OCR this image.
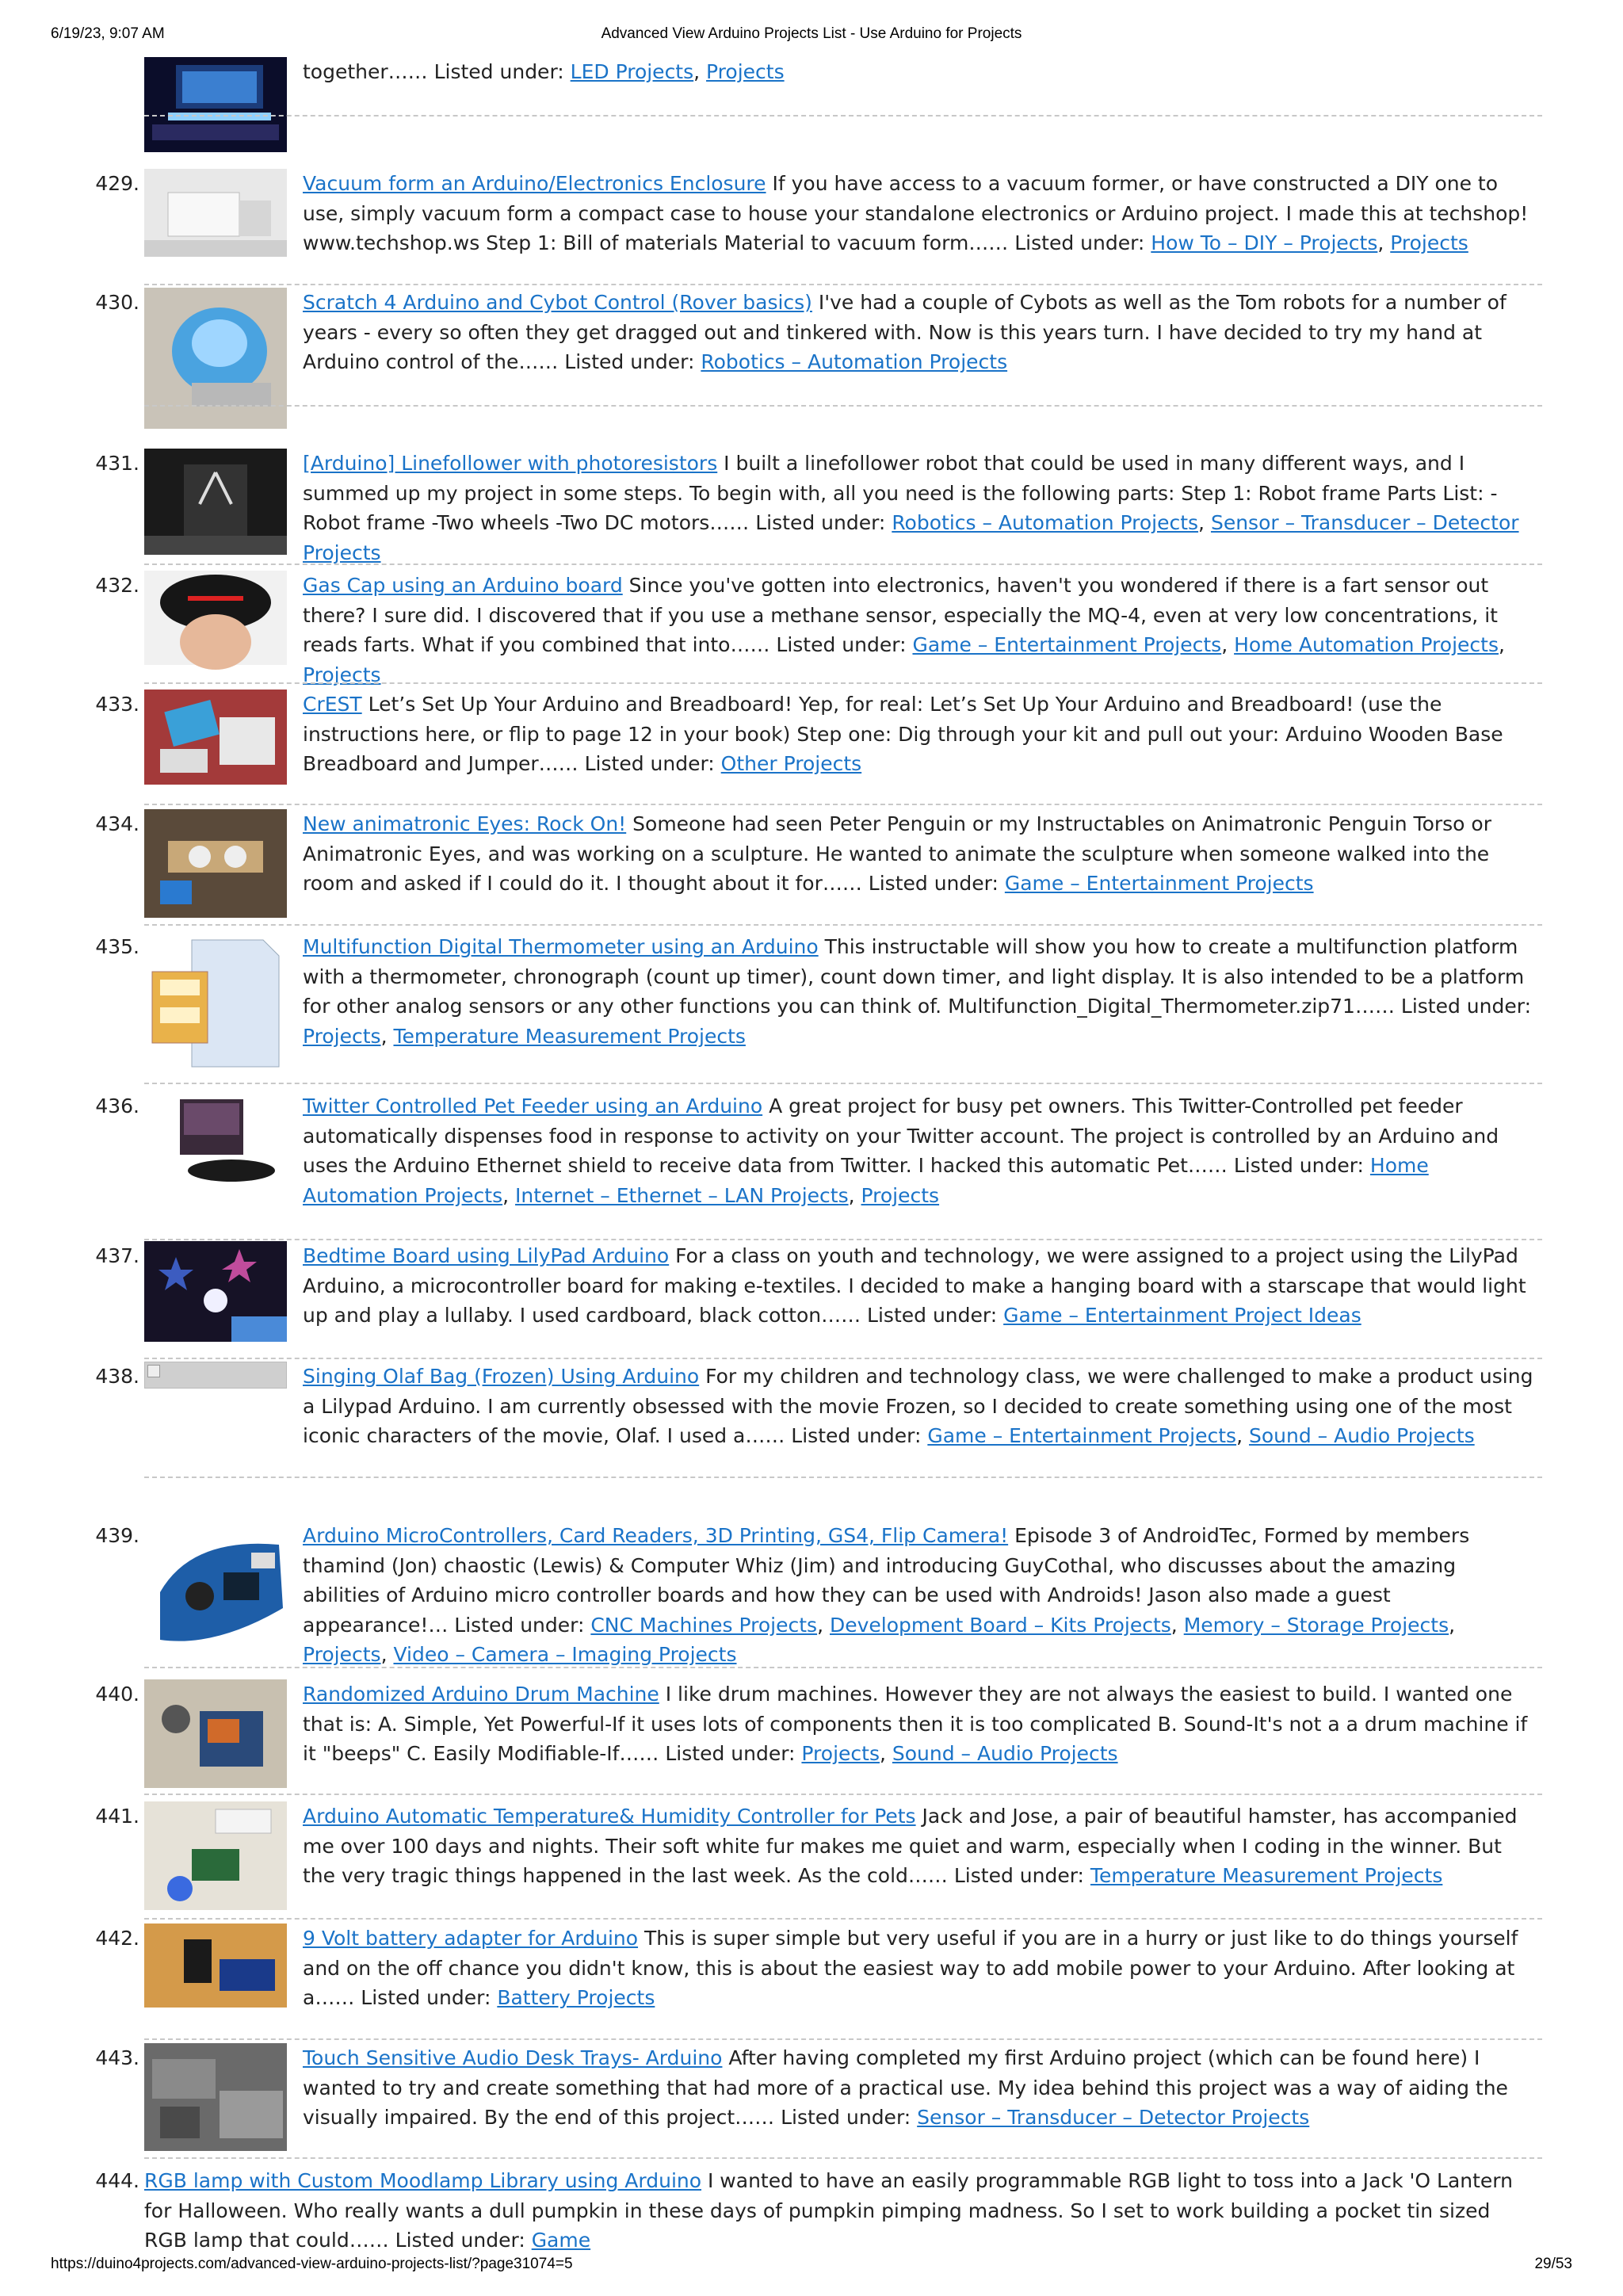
6/19/23, 9:07 AM	Advanced View Arduino Projects List - Use Arduino for Projects
together…… Listed under: LED Projects, Projects
429.	Vacuum form an Arduino/Electronics Enclosure If you have access to a vacuum former, or have constructed a DIY one to use, simply vacuum form a compact case to house your standalone electronics or Arduino project. I made this at techshop! www.techshop.ws Step 1: Bill of materials Material to vacuum form…… Listed under: How To – DIY – Projects, Projects
430.	Scratch 4 Arduino and Cybot Control (Rover basics) I've had a couple of Cybots as well as the Tom robots for a number of years - every so often they get dragged out and tinkered with. Now is this years turn. I have decided to try my hand at Arduino control of the…… Listed under: Robotics – Automation Projects
431.	[Arduino] Linefollower with photoresistors I built a linefollower robot that could be used in many different ways, and I summed up my project in some steps. To begin with, all you need is the following parts: Step 1: Robot frame Parts List: -Robot frame -Two wheels -Two DC motors…… Listed under: Robotics – Automation Projects, Sensor – Transducer – Detector Projects
432.	Gas Cap using an Arduino board Since you've gotten into electronics, haven't you wondered if there is a fart sensor out there? I sure did. I discovered that if you use a methane sensor, especially the MQ-4, even at very low concentrations, it reads farts. What if you combined that into…… Listed under: Game – Entertainment Projects, Home Automation Projects, Projects
433.	CrEST Let’s Set Up Your Arduino and Breadboard! Yep, for real: Let’s Set Up Your Arduino and Breadboard! (use the instructions here, or flip to page 12 in your book) Step one: Dig through your kit and pull out your: Arduino Wooden Base Breadboard and Jumper…… Listed under: Other Projects
434.	New animatronic Eyes: Rock On! Someone had seen Peter Penguin or my Instructables on Animatronic Penguin Torso or Animatronic Eyes, and was working on a sculpture. He wanted to animate the sculpture when someone walked into the room and asked if I could do it. I thought about it for…… Listed under: Game – Entertainment Projects
435.	Multifunction Digital Thermometer using an Arduino This instructable will show you how to create a multifunction platform with a thermometer, chronograph (count up timer), count down timer, and light display. It is also intended to be a platform for other analog sensors or any other functions you can think of. Multifunction_Digital_Thermometer.zip71…… Listed under: Projects, Temperature Measurement Projects
436.	Twitter Controlled Pet Feeder using an Arduino A great project for busy pet owners. This Twitter-Controlled pet feeder automatically dispenses food in response to activity on your Twitter account. The project is controlled by an Arduino and uses the Arduino Ethernet shield to receive data from Twitter. I hacked this automatic Pet…… Listed under: Home Automation Projects, Internet – Ethernet – LAN Projects, Projects
437.	Bedtime Board using LilyPad Arduino For a class on youth and technology, we were assigned to a project using the LilyPad Arduino, a microcontroller board for making e-textiles. I decided to make a hanging board with a starscape that would light up and play a lullaby. I used cardboard, black cotton…… Listed under: Game – Entertainment Project Ideas
438.	Singing Olaf Bag (Frozen) Using Arduino For my children and technology class, we were challenged to make a product using a Lilypad Arduino. I am currently obsessed with the movie Frozen, so I decided to create something using one of the most iconic characters of the movie, Olaf. I used a…… Listed under: Game – Entertainment Projects, Sound – Audio Projects
439.	Arduino MicroControllers, Card Readers, 3D Printing, GS4, Flip Camera! Episode 3 of AndroidTec, Formed by members thamind (Jon) chaostic (Lewis) & Computer Whiz (Jim) and introducing GuyCothal, who discusses about the amazing abilities of Arduino micro controller boards and how they can be used with Androids! Jason also made a guest appearance!… Listed under: CNC Machines Projects, Development Board – Kits Projects, Memory – Storage Projects, Projects, Video – Camera – Imaging Projects
440.	Randomized Arduino Drum Machine I like drum machines. However they are not always the easiest to build. I wanted one that is: A. Simple, Yet Powerful-If it uses lots of components then it is too complicated B. Sound-It's not a a drum machine if it "beeps" C. Easily Modifiable-If…… Listed under: Projects, Sound – Audio Projects
441.	Arduino Automatic Temperature& Humidity Controller for Pets Jack and Jose, a pair of beautiful hamster, has accompanied me over 100 days and nights. Their soft white fur makes me quiet and warm, especially when I coding in the winner. But the very tragic things happened in the last week. As the cold…… Listed under: Temperature Measurement Projects
442.	9 Volt battery adapter for Arduino This is super simple but very useful if you are in a hurry or just like to do things yourself and on the off chance you didn't know, this is about the easiest way to add mobile power to your Arduino. After looking at a…… Listed under: Battery Projects
443.	Touch Sensitive Audio Desk Trays- Arduino After having completed my first Arduino project (which can be found here) I wanted to try and create something that had more of a practical use. My idea behind this project was a way of aiding the visually impaired. By the end of this project…… Listed under: Sensor – Transducer – Detector Projects
444. RGB lamp with Custom Moodlamp Library using Arduino I wanted to have an easily programmable RGB light to toss into a Jack 'O Lantern for Halloween. Who really wants a dull pumpkin in these days of pumpkin pimping madness. So I set to work building a pocket tin sized RGB lamp that could…… Listed under: Game
https://duino4projects.com/advanced-view-arduino-projects-list/?page31074=5	29/53
